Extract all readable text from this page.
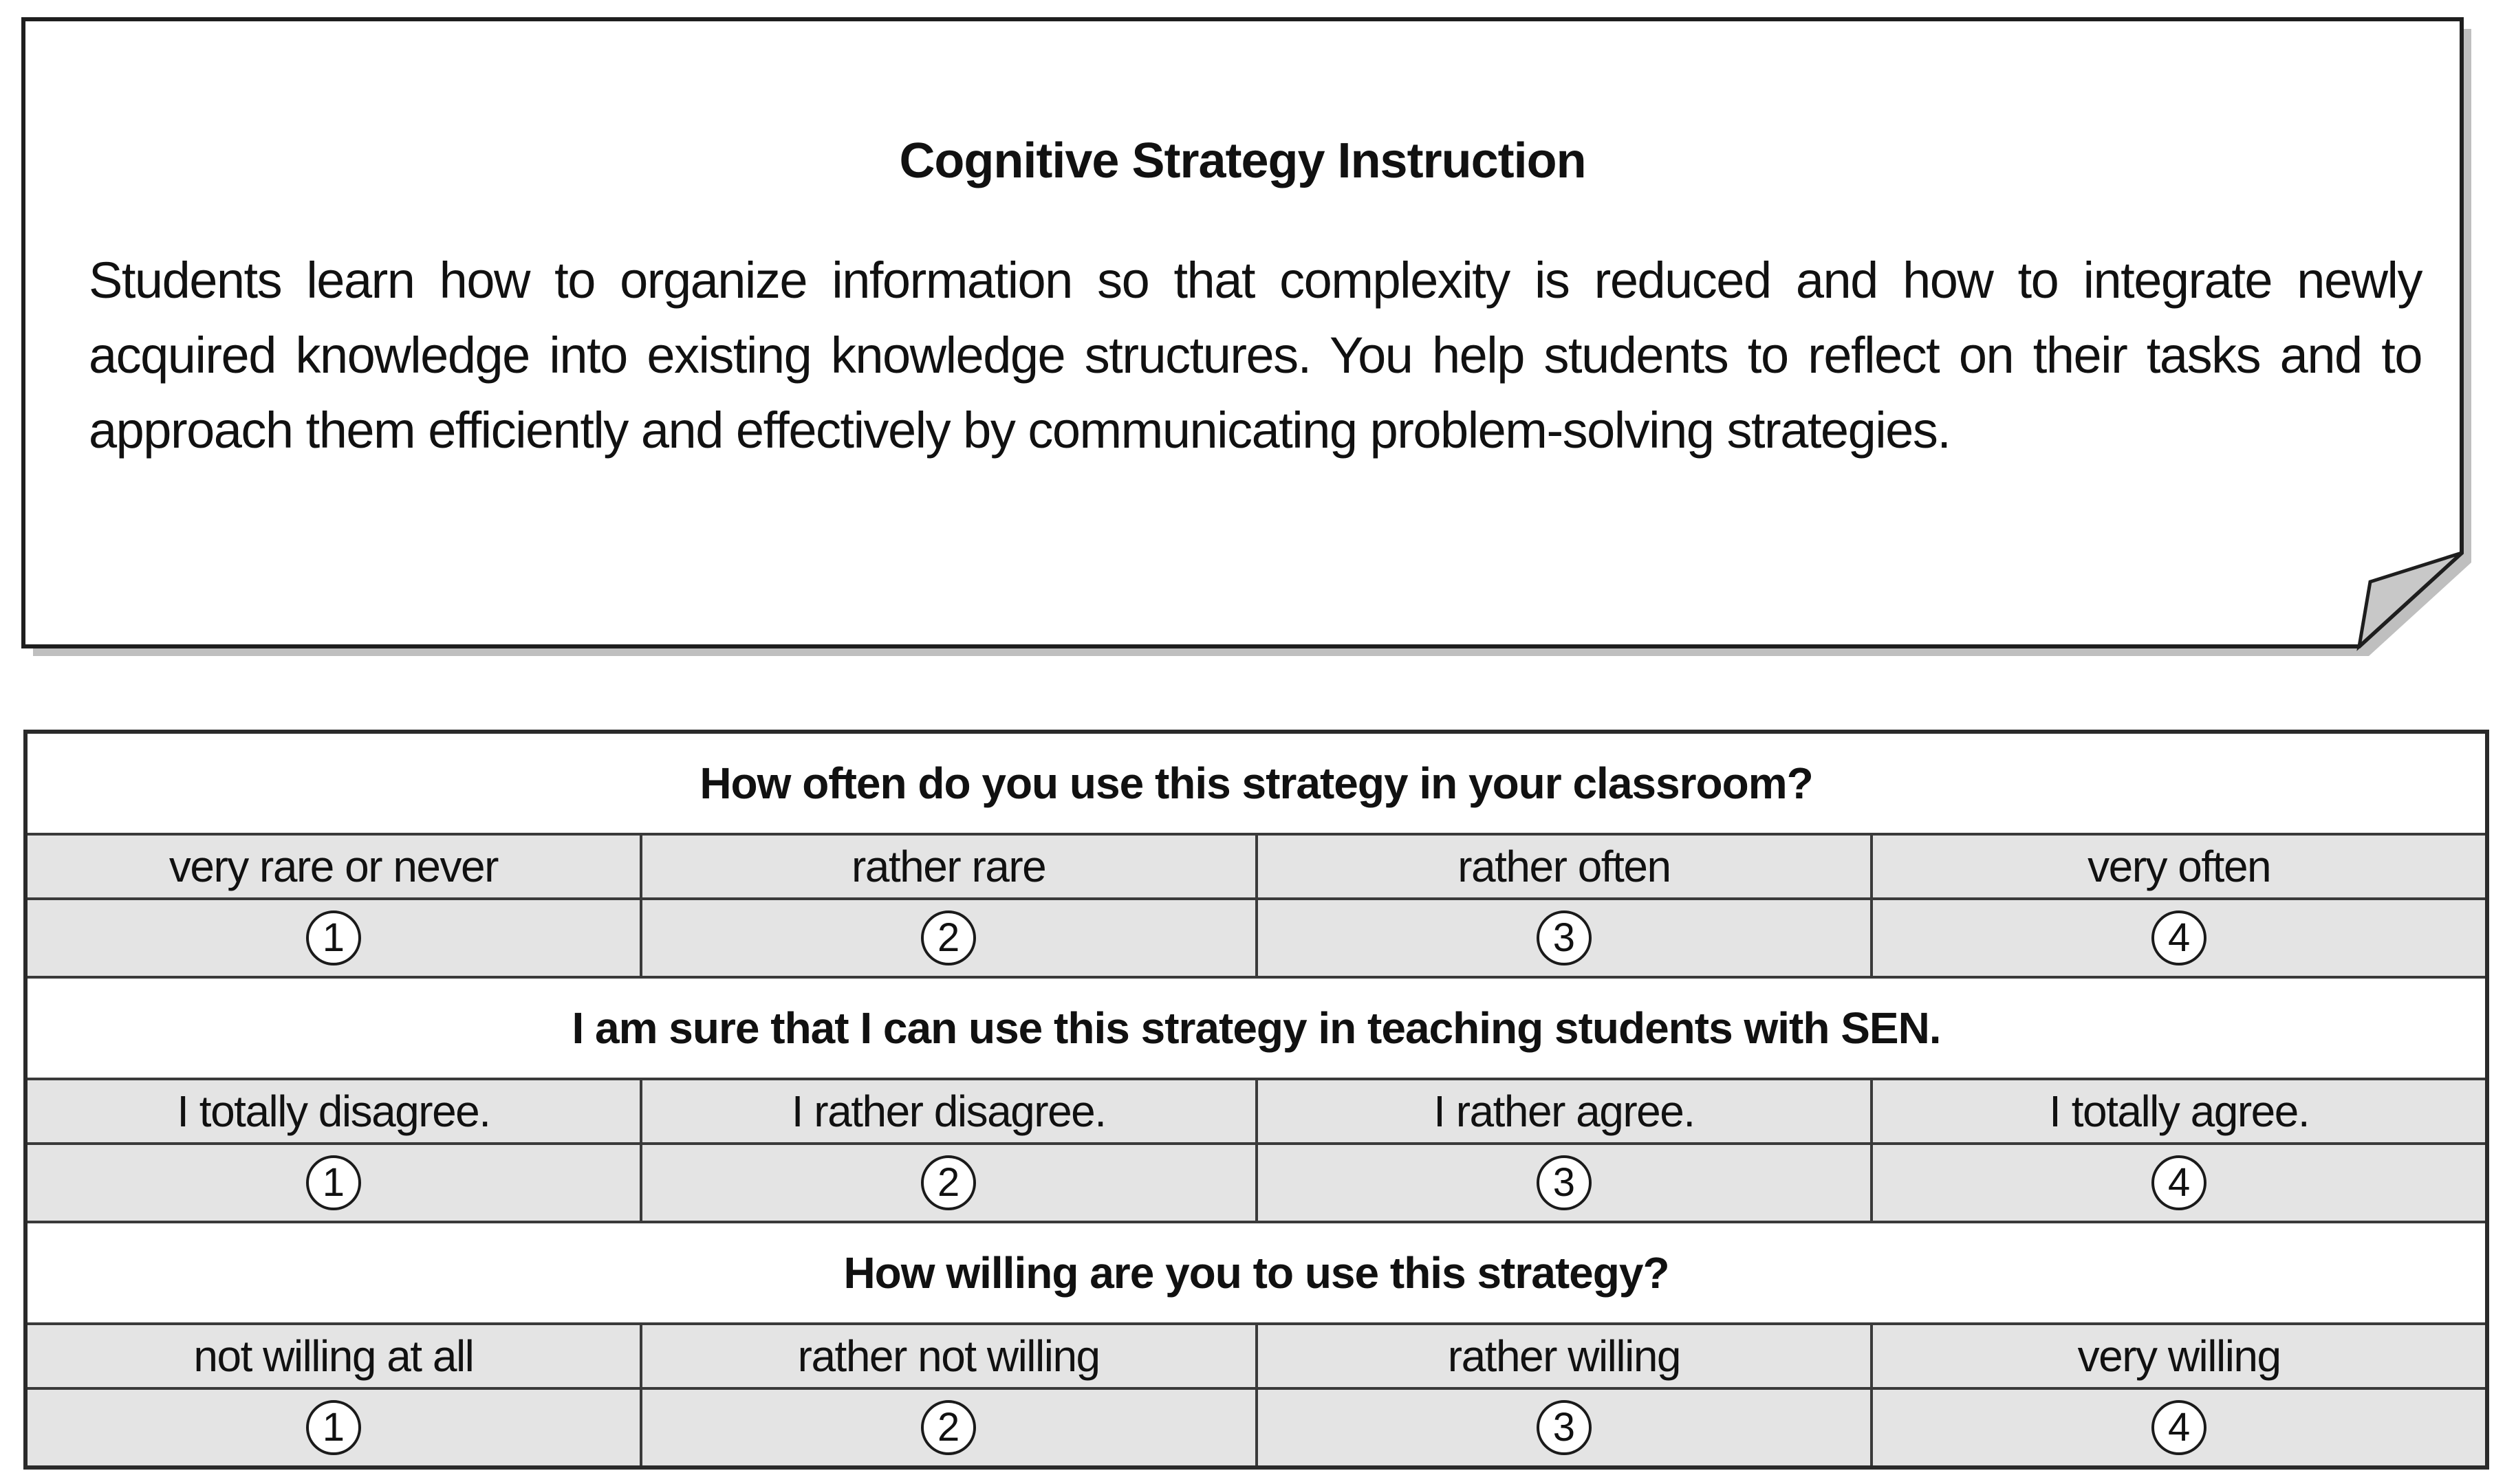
Cognitive Strategy Instruction
Students learn how to organize information so that complexity is reduced and how to integrate newly acquired knowledge into existing knowledge structures. You help students to reflect on their tasks and to approach them efficiently and effectively by communicating problem-solving strategies.
How often do you use this strategy in your classroom?			
very rare or never	rather rare	rather often	very often
1	2	3	4
I am sure that I can use this strategy in teaching students with SEN.			
I totally disagree.	I rather disagree.	I rather agree.	I totally agree.
1	2	3	4
How willing are you to use this strategy?			
not willing at all	rather not willing	rather willing	very willing
1	2	3	4
